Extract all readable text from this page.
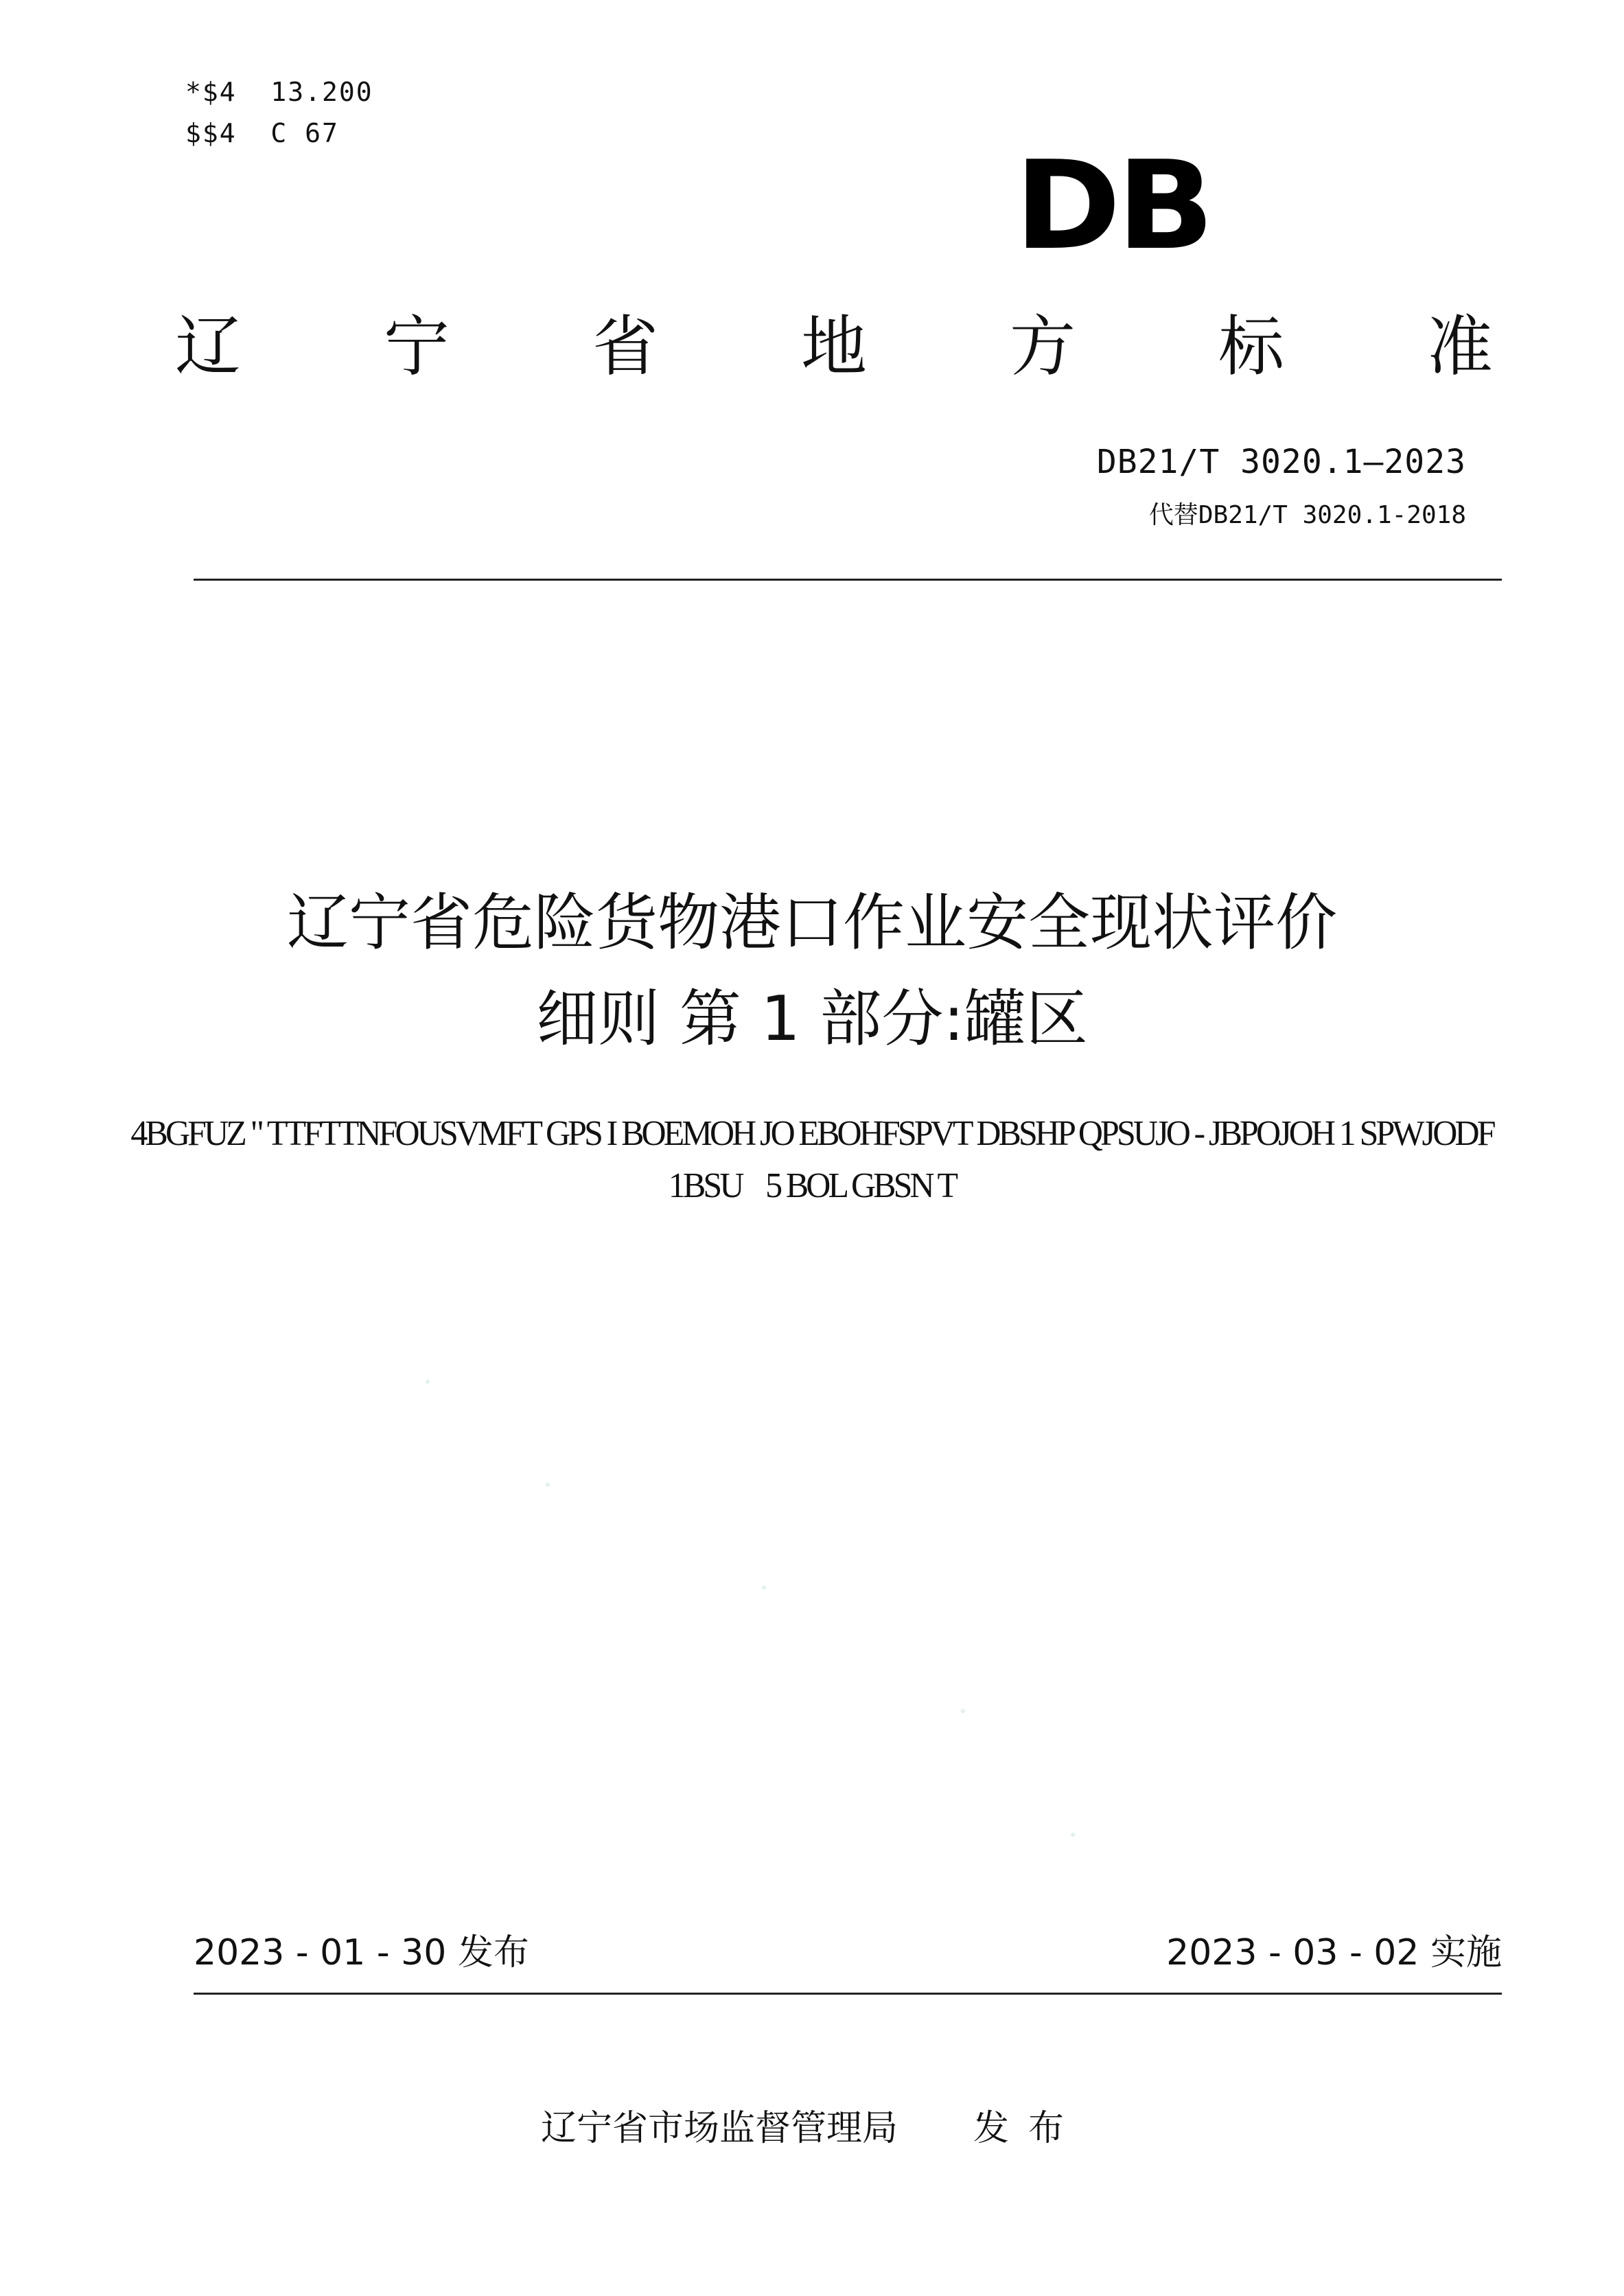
*$4  13.200
$$4  C 67
DB
辽 宁 省 地 方 标 准
DB21/T 3020.1—2023
代替DB21/T 3020.1-2018
辽宁省危险货物港口作业安全现状评价
细则 第 1 部分:罐区
4BGFUZ " TTFTTNFOUSVMFT GPS I BOEMOH JO EBOHFSPVT DBSHP QPSUJO - JBPOJOH 1 SPWJODF
1BSU    5 BOL GBSN T
2023 - 01 - 30 发布	2023 - 03 - 02 实施
辽宁省市场监督管理局 发布
